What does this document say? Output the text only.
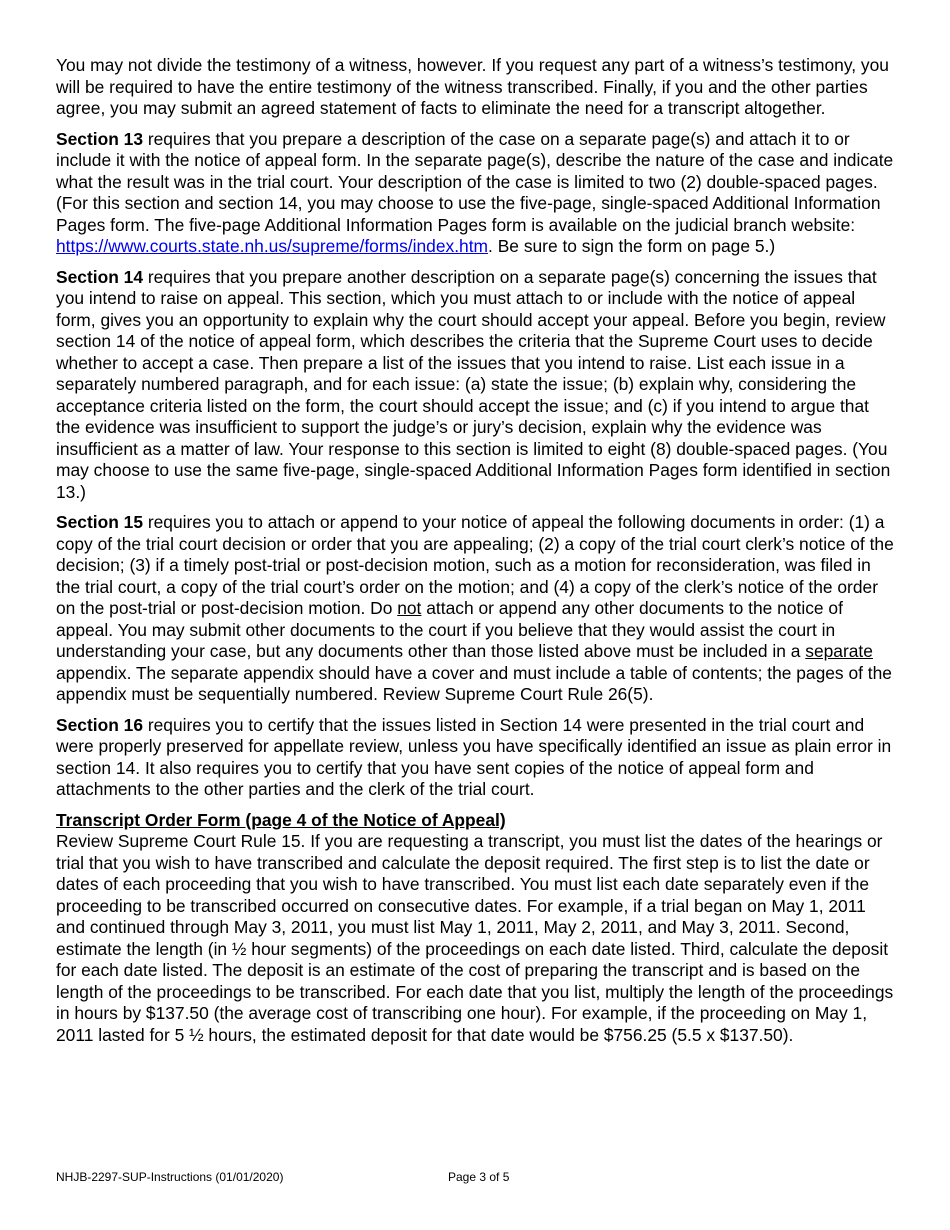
You may not divide the testimony of a witness, however. If you request any part of a witness’s testimony, you will be required to have the entire testimony of the witness transcribed. Finally, if you and the other parties agree, you may submit an agreed statement of facts to eliminate the need for a transcript altogether.

Section 13 requires that you prepare a description of the case on a separate page(s) and attach it to or include it with the notice of appeal form. In the separate page(s), describe the nature of the case and indicate what the result was in the trial court. Your description of the case is limited to two (2) double-spaced pages. (For this section and section 14, you may choose to use the five-page, single-spaced Additional Information Pages form. The five-page Additional Information Pages form is available on the judicial branch website: https://www.courts.state.nh.us/supreme/forms/index.htm. Be sure to sign the form on page 5.)

Section 14 requires that you prepare another description on a separate page(s) concerning the issues that you intend to raise on appeal. This section, which you must attach to or include with the notice of appeal form, gives you an opportunity to explain why the court should accept your appeal. Before you begin, review section 14 of the notice of appeal form, which describes the criteria that the Supreme Court uses to decide whether to accept a case. Then prepare a list of the issues that you intend to raise. List each issue in a separately numbered paragraph, and for each issue: (a) state the issue; (b) explain why, considering the acceptance criteria listed on the form, the court should accept the issue; and (c) if you intend to argue that the evidence was insufficient to support the judge’s or jury’s decision, explain why the evidence was insufficient as a matter of law. Your response to this section is limited to eight (8) double-spaced pages. (You may choose to use the same five-page, single-spaced Additional Information Pages form identified in section 13.)

Section 15 requires you to attach or append to your notice of appeal the following documents in order: (1) a copy of the trial court decision or order that you are appealing; (2) a copy of the trial court clerk’s notice of the decision; (3) if a timely post-trial or post-decision motion, such as a motion for reconsideration, was filed in the trial court, a copy of the trial court’s order on the motion; and (4) a copy of the clerk’s notice of the order on the post-trial or post-decision motion. Do not attach or append any other documents to the notice of appeal. You may submit other documents to the court if you believe that they would assist the court in understanding your case, but any documents other than those listed above must be included in a separate appendix. The separate appendix should have a cover and must include a table of contents; the pages of the appendix must be sequentially numbered. Review Supreme Court Rule 26(5).

Section 16 requires you to certify that the issues listed in Section 14 were presented in the trial court and were properly preserved for appellate review, unless you have specifically identified an issue as plain error in section 14. It also requires you to certify that you have sent copies of the notice of appeal form and attachments to the other parties and the clerk of the trial court.

Transcript Order Form (page 4 of the Notice of Appeal)
Review Supreme Court Rule 15. If you are requesting a transcript, you must list the dates of the hearings or trial that you wish to have transcribed and calculate the deposit required. The first step is to list the date or dates of each proceeding that you wish to have transcribed. You must list each date separately even if the proceeding to be transcribed occurred on consecutive dates. For example, if a trial began on May 1, 2011 and continued through May 3, 2011, you must list May 1, 2011, May 2, 2011, and May 3, 2011. Second, estimate the length (in ½ hour segments) of the proceedings on each date listed. Third, calculate the deposit for each date listed. The deposit is an estimate of the cost of preparing the transcript and is based on the length of the proceedings to be transcribed. For each date that you list, multiply the length of the proceedings in hours by $137.50 (the average cost of transcribing one hour). For example, if the proceeding on May 1, 2011 lasted for 5 ½ hours, the estimated deposit for that date would be $756.25 (5.5 x $137.50).

NHJB-2297-SUP-Instructions (01/01/2020)	Page 3 of 5
